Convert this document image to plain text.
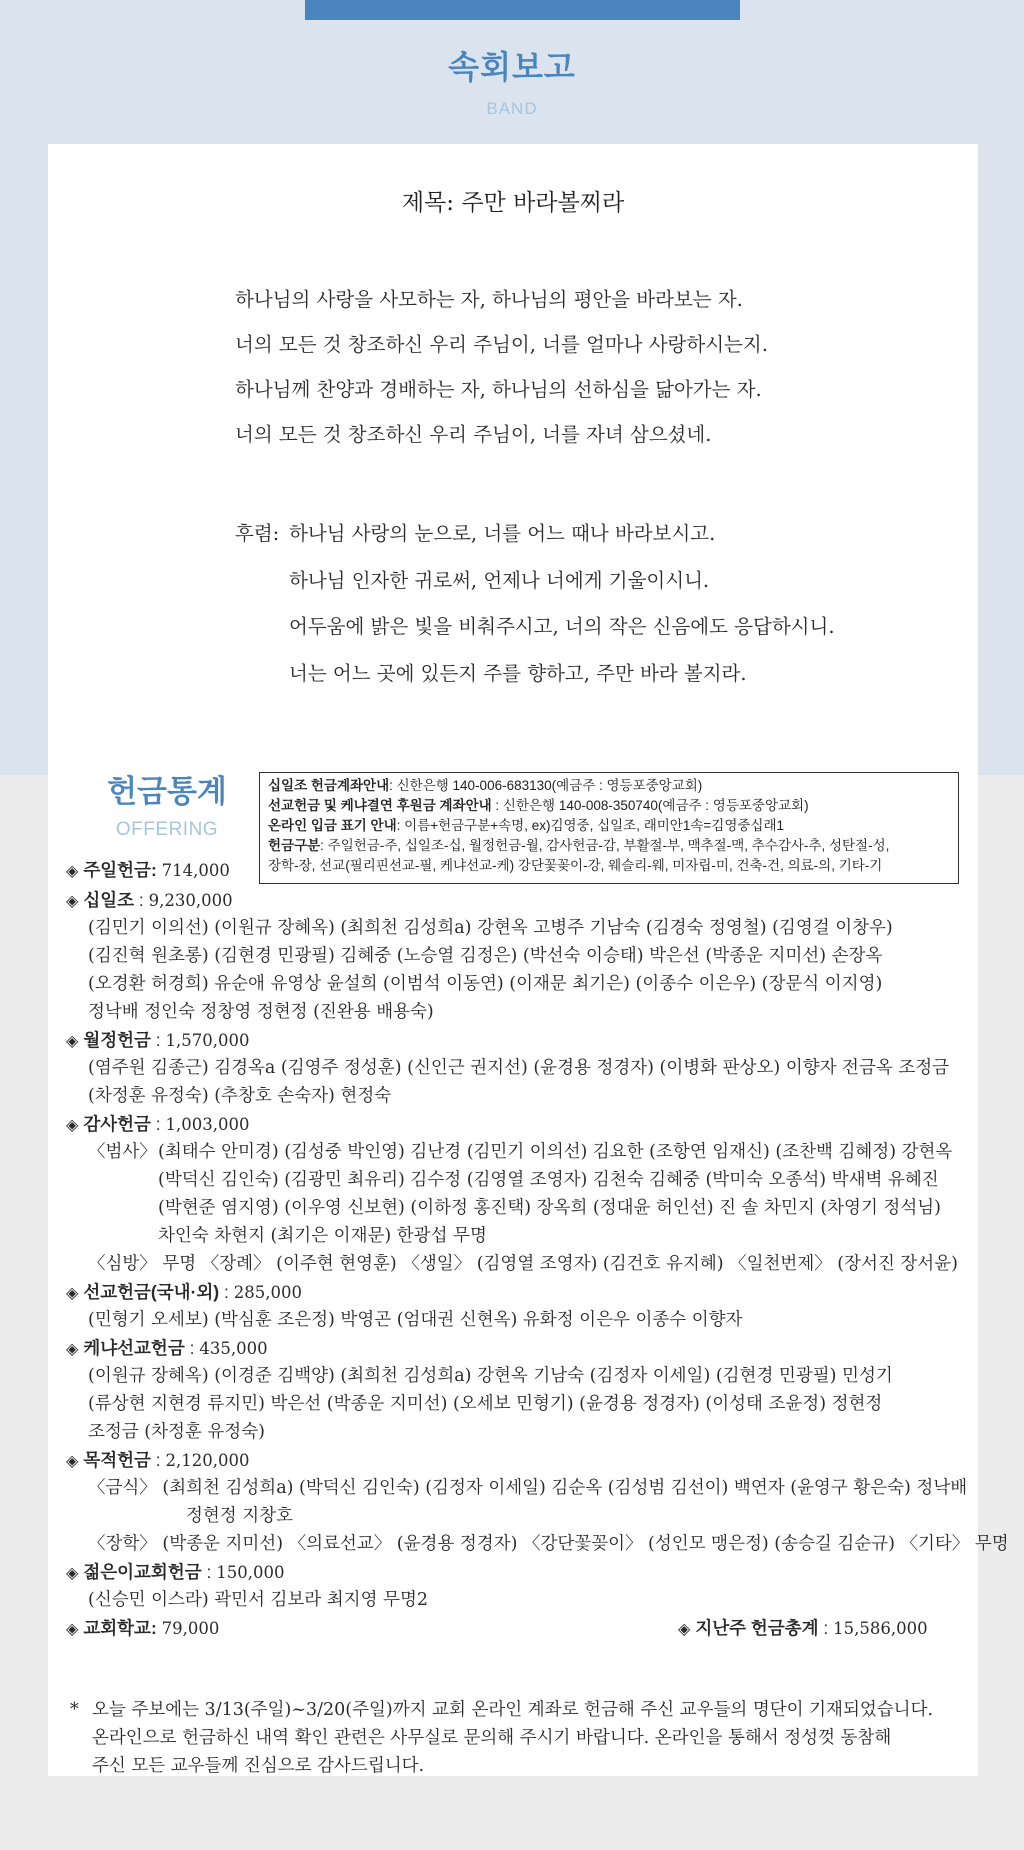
속회보고
BAND
제목: 주만 바라볼찌라
하나님의 사랑을 사모하는 자, 하나님의 평안을 바라보는 자.
너의 모든 것 창조하신 우리 주님이, 너를 얼마나 사랑하시는지.
하나님께 찬양과 경배하는 자, 하나님의 선하심을 닮아가는 자.
너의 모든 것 창조하신 우리 주님이, 너를 자녀 삼으셨네.
후렴: 하나님 사랑의 눈으로, 너를 어느 때나 바라보시고.
하나님 인자한 귀로써, 언제나 너에게 기울이시니.
어두움에 밝은 빛을 비춰주시고, 너의 작은 신음에도 응답하시니.
너는 어느 곳에 있든지 주를 향하고, 주만 바라 볼지라.
헌금통계
OFFERING
십일조 헌금계좌안내: 신한은행 140-006-683130(예금주 : 영등포중앙교회)
선교헌금 및 케냐결연 후원금 계좌안내 : 신한은행 140-008-350740(예금주 : 영등포중앙교회)
온라인 입금 표기 안내: 이름+헌금구분+속명, ex)김영중, 십일조, 래미안1속=김영중십래1
헌금구분: 주일헌금-주, 십일조-십, 월정헌금-월, 감사헌금-감, 부활절-부, 맥추절-맥, 추수감사-추, 성탄절-성,
장학-장, 선교(필리핀선교-필, 케냐선교-케) 강단꽃꽂이-강, 웨슬리-웨, 미자립-미, 건축-건, 의료-의, 기타-기
◈ 주일헌금: 714,000
◈ 십일조 : 9,230,000
(김민기 이의선) (이원규 장혜옥) (최희천 김성희a) 강현옥 고병주 기남숙 (김경숙 정영철) (김영걸 이창우)
(김진혁 원초롱) (김현경 민광필) 김혜중 (노승열 김정은) (박선숙 이승태) 박은선 (박종운 지미선) 손장옥
(오경환 허경희) 유순애 유영상 윤설희 (이범석 이동연) (이재문 최기은) (이종수 이은우) (장문식 이지영)
정낙배 정인숙 정창영 정현정 (진완용 배용숙)
◈ 월정헌금 : 1,570,000
(염주원 김종근) 김경옥a (김영주 정성훈) (신인근 권지선) (윤경용 정경자) (이병화 판상오) 이향자 전금옥 조정금
(차정훈 유정숙) (추창호 손숙자) 현정숙
◈ 감사헌금 : 1,003,000
〈범사〉 (최태수 안미경) (김성중 박인영) 김난경 (김민기 이의선) 김요한 (조항연 임재신) (조찬백 김혜정) 강현옥
(박덕신 김인숙) (김광민 최유리) 김수정 (김영열 조영자) 김천숙 김혜중 (박미숙 오종석) 박새벽 유혜진
(박현준 염지영) (이우영 신보현) (이하정 홍진택) 장옥희 (정대윤 허인선) 진 솔 차민지 (차영기 정석님)
차인숙 차현지 (최기은 이재문) 한광섭 무명
〈심방〉 무명 〈장례〉 (이주현 현영훈) 〈생일〉 (김영열 조영자) (김건호 유지혜) 〈일천번제〉 (장서진 장서윤)
◈ 선교헌금(국내·외) : 285,000
(민형기 오세보) (박심훈 조은정) 박영곤 (엄대권 신현옥) 유화정 이은우 이종수 이향자
◈ 케냐선교헌금 : 435,000
(이원규 장혜옥) (이경준 김백양) (최희천 김성희a) 강현옥 기남숙 (김정자 이세일) (김현경 민광필) 민성기
(류상현 지현경 류지민) 박은선 (박종운 지미선) (오세보 민형기) (윤경용 정경자) (이성태 조윤정) 정현정
조정금 (차정훈 유정숙)
◈ 목적헌금 : 2,120,000
〈금식〉 (최희천 김성희a) (박덕신 김인숙) (김정자 이세일) 김순옥 (김성범 김선이) 백연자 (윤영구 황은숙) 정낙배
정현정 지창호
〈장학〉 (박종운 지미선) 〈의료선교〉 (윤경용 정경자) 〈강단꽃꽂이〉 (성인모 맹은정) (송승길 김순규) 〈기타〉 무명
◈ 젊은이교회헌금 : 150,000
(신승민 이스라) 곽민서 김보라 최지영 무명2
◈ 교회학교: 79,000	◈ 지난주 헌금총계 : 15,586,000
* 오늘 주보에는 3/13(주일)~3/20(주일)까지 교회 온라인 계좌로 헌금해 주신 교우들의 명단이 기재되었습니다.
온라인으로 헌금하신 내역 확인 관련은 사무실로 문의해 주시기 바랍니다. 온라인을 통해서 정성껏 동참해
주신 모든 교우들께 진심으로 감사드립니다.
